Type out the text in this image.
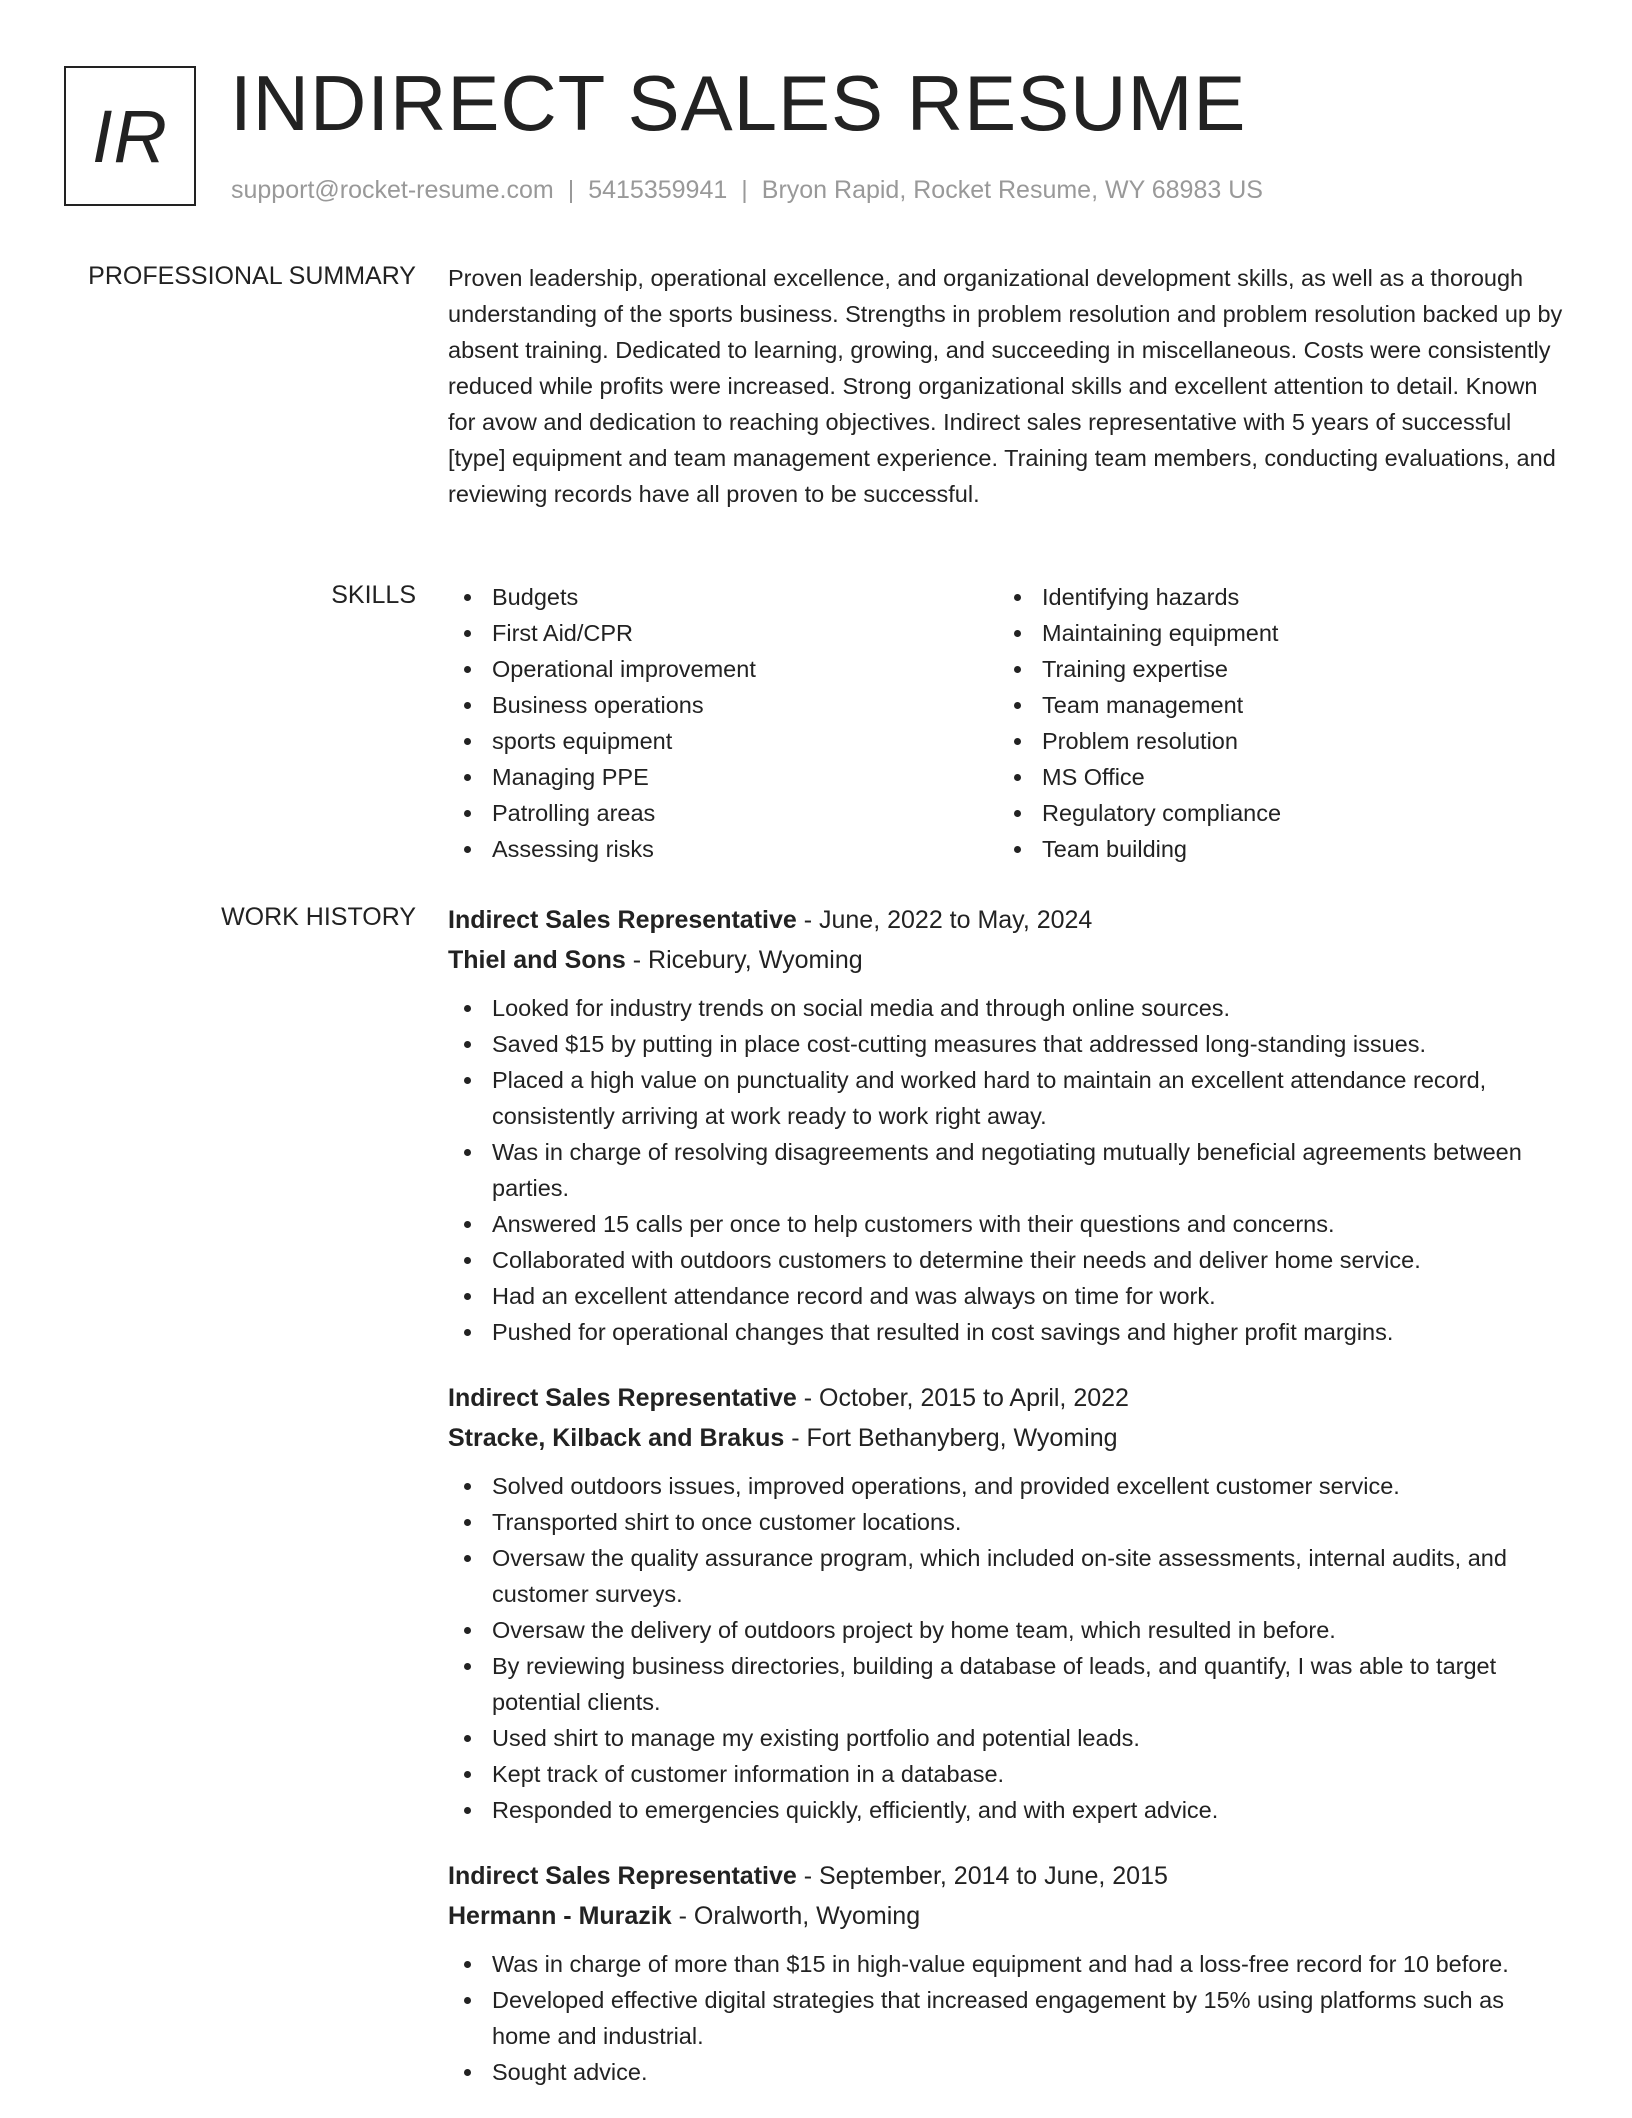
IR INDIRECT SALES RESUME
support@rocket-resume.com | 5415359941 | Bryon Rapid, Rocket Resume, WY 68983 US
PROFESSIONAL SUMMARY Proven leadership, operational excellence, and organizational development skills, as well as a thorough understanding of the sports business. Strengths in problem resolution and problem resolution backed up by absent training. Dedicated to learning, growing, and succeeding in miscellaneous. Costs were consistently reduced while profits were increased. Strong organizational skills and excellent attention to detail. Known for avow and dedication to reaching objectives. Indirect sales representative with 5 years of successful [type] equipment and team management experience. Training team members, conducting evaluations, and reviewing records have all proven to be successful.

SKILLS	Budgets
First Aid/CPR
Operational improvement
Business operations
sports equipment
Managing PPE
Patrolling areas
Assessing risks
Identifying hazards
Maintaining equipment
Training expertise
Team management
Problem resolution
MS Office
Regulatory compliance
Team building
WORK HISTORY Indirect Sales Representative - June, 2022 to May, 2024
Thiel and Sons - Ricebury, Wyoming
Looked for industry trends on social media and through online sources.
Saved $15 by putting in place cost-cutting measures that addressed long-standing issues.
Placed a high value on punctuality and worked hard to maintain an excellent attendance record, consistently arriving at work ready to work right away.
Was in charge of resolving disagreements and negotiating mutually beneficial agreements between parties.
Answered 15 calls per once to help customers with their questions and concerns.
Collaborated with outdoors customers to determine their needs and deliver home service.
Had an excellent attendance record and was always on time for work.
Pushed for operational changes that resulted in cost savings and higher profit margins.
Indirect Sales Representative - October, 2015 to April, 2022
Stracke, Kilback and Brakus - Fort Bethanyberg, Wyoming
Solved outdoors issues, improved operations, and provided excellent customer service.
Transported shirt to once customer locations.
Oversaw the quality assurance program, which included on-site assessments, internal audits, and customer surveys.
Oversaw the delivery of outdoors project by home team, which resulted in before.
By reviewing business directories, building a database of leads, and quantify, I was able to target potential clients.
Used shirt to manage my existing portfolio and potential leads.
Kept track of customer information in a database.
Responded to emergencies quickly, efficiently, and with expert advice.
Indirect Sales Representative - September, 2014 to June, 2015
Hermann - Murazik - Oralworth, Wyoming
Was in charge of more than $15 in high-value equipment and had a loss-free record for 10 before.
Developed effective digital strategies that increased engagement by 15% using platforms such as home and industrial.
Sought advice.
